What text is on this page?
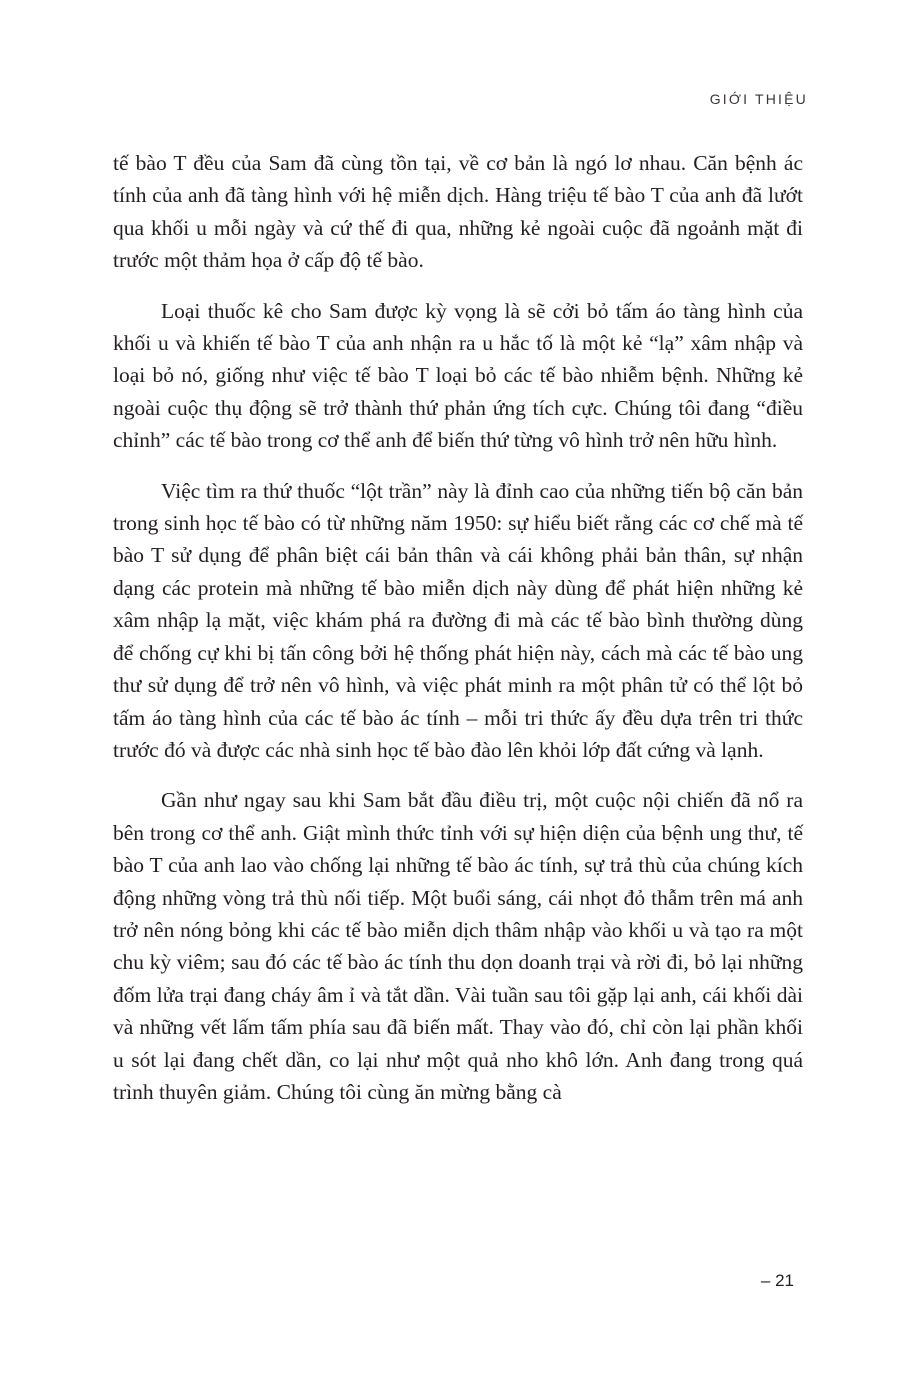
GIỚI THIỆU

tế bào T đều của Sam đã cùng tồn tại, về cơ bản là ngó lơ nhau. Căn bệnh ác tính của anh đã tàng hình với hệ miễn dịch. Hàng triệu tế bào T của anh đã lướt qua khối u mỗi ngày và cứ thế đi qua, những kẻ ngoài cuộc đã ngoảnh mặt đi trước một thảm họa ở cấp độ tế bào.

Loại thuốc kê cho Sam được kỳ vọng là sẽ cởi bỏ tấm áo tàng hình của khối u và khiến tế bào T của anh nhận ra u hắc tố là một kẻ “lạ” xâm nhập và loại bỏ nó, giống như việc tế bào T loại bỏ các tế bào nhiễm bệnh. Những kẻ ngoài cuộc thụ động sẽ trở thành thứ phản ứng tích cực. Chúng tôi đang “điều chỉnh” các tế bào trong cơ thể anh để biến thứ từng vô hình trở nên hữu hình.

Việc tìm ra thứ thuốc “lột trần” này là đỉnh cao của những tiến bộ căn bản trong sinh học tế bào có từ những năm 1950: sự hiểu biết rằng các cơ chế mà tế bào T sử dụng để phân biệt cái bản thân và cái không phải bản thân, sự nhận dạng các protein mà những tế bào miễn dịch này dùng để phát hiện những kẻ xâm nhập lạ mặt, việc khám phá ra đường đi mà các tế bào bình thường dùng để chống cự khi bị tấn công bởi hệ thống phát hiện này, cách mà các tế bào ung thư sử dụng để trở nên vô hình, và việc phát minh ra một phân tử có thể lột bỏ tấm áo tàng hình của các tế bào ác tính – mỗi tri thức ấy đều dựa trên tri thức trước đó và được các nhà sinh học tế bào đào lên khỏi lớp đất cứng và lạnh.

Gần như ngay sau khi Sam bắt đầu điều trị, một cuộc nội chiến đã nổ ra bên trong cơ thể anh. Giật mình thức tỉnh với sự hiện diện của bệnh ung thư, tế bào T của anh lao vào chống lại những tế bào ác tính, sự trả thù của chúng kích động những vòng trả thù nối tiếp. Một buổi sáng, cái nhọt đỏ thẫm trên má anh trở nên nóng bỏng khi các tế bào miễn dịch thâm nhập vào khối u và tạo ra một chu kỳ viêm; sau đó các tế bào ác tính thu dọn doanh trại và rời đi, bỏ lại những đốm lửa trại đang cháy âm ỉ và tắt dần. Vài tuần sau tôi gặp lại anh, cái khối dài và những vết lấm tấm phía sau đã biến mất. Thay vào đó, chỉ còn lại phần khối u sót lại đang chết dần, co lại như một quả nho khô lớn. Anh đang trong quá trình thuyên giảm. Chúng tôi cùng ăn mừng bằng cà

– 21
